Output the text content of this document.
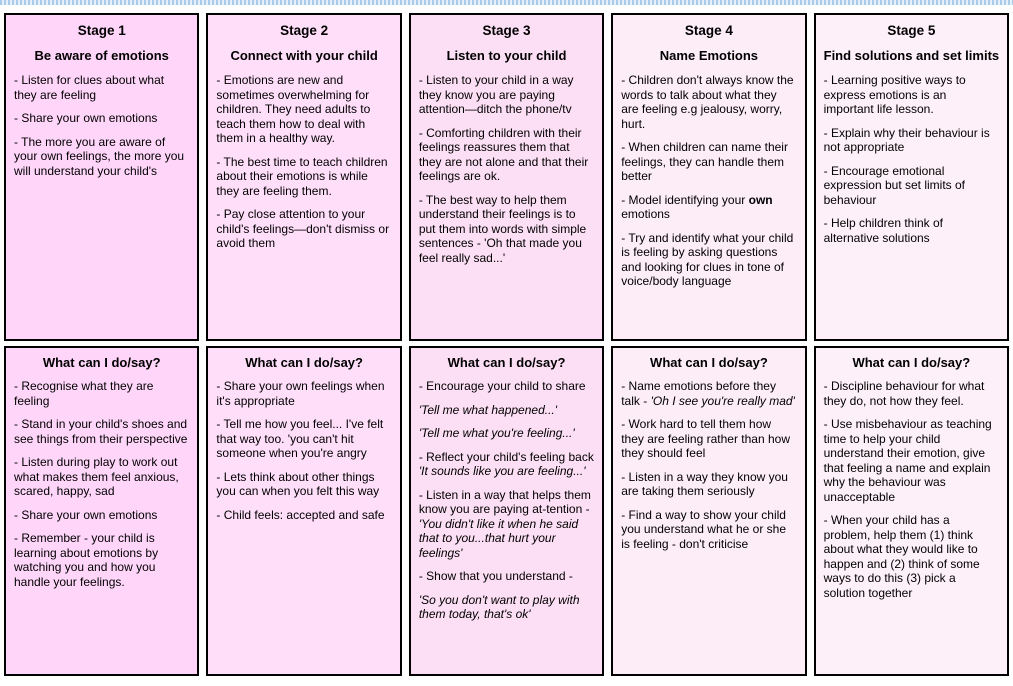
Stage 1
Be aware of emotions

- Listen for clues about what they are feeling

- Share your own emotions

- The more you are aware of your own feelings, the more you will understand your child's

What can I do/say?

- Recognise what they are feeling

- Stand in your child's shoes and see things from their perspective

- Listen during play to work out what makes them feel anxious, scared, happy, sad

- Share your own emotions

- Remember - your child is learning about emotions by watching you and how you handle your feelings.

Stage 2
Connect with your child

- Emotions are new and sometimes overwhelming for children. They need adults to teach them how to deal with them in a healthy way.

- The best time to teach children about their emotions is while they are feeling them.

- Pay close attention to your child's feelings—don't dismiss or avoid them

What can I do/say?

- Share your own feelings when it's appropriate

- Tell me how you feel... I've felt that way too. 'you can't hit someone when you're angry

- Lets think about other things you can when you felt this way

- Child feels: accepted and safe

Stage 3
Listen to your child

- Listen to your child in a way they know you are paying attention—ditch the phone/tv

- Comforting children with their feelings reassures them that they are not alone and that their feelings are ok.

- The best way to help them understand their feelings is to put them into words with simple sentences - 'Oh that made you feel really sad...'

What can I do/say?

- Encourage your child to share

'Tell me what happened...'

'Tell me what you're feeling...'

- Reflect your child's feeling back 'It sounds like you are feeling...'

- Listen in a way that helps them know you are paying at-tention - 'You didn't like it when he said that to you...that hurt your feelings'

- Show that you understand -

'So you don't want to play with them today, that's ok'

Stage 4
Name Emotions

- Children don't always know the words to talk about what they are feeling e.g jealousy, worry, hurt.

- When children can name their feelings, they can handle them better

- Model identifying your own emotions

- Try and identify what your child is feeling by asking questions and looking for clues in tone of voice/body language

What can I do/say?

- Name emotions before they talk - 'Oh I see you're really mad'

- Work hard to tell them how they are feeling rather than how they should feel

- Listen in a way they know you are taking them seriously

- Find a way to show your child you understand what he or she is feeling - don't criticise

Stage 5
Find solutions and set limits

- Learning positive ways to express emotions is an important life lesson.

- Explain why their behaviour is not appropriate

- Encourage emotional expression but set limits of behaviour

- Help children think of alternative solutions

What can I do/say?

- Discipline behaviour for what they do, not how they feel.

- Use misbehaviour as teaching time to help your child understand their emotion, give that feeling a name and explain why the behaviour was unacceptable

- When your child has a problem, help them (1) think about what they would like to happen and (2) think of some ways to do this (3) pick a solution together
